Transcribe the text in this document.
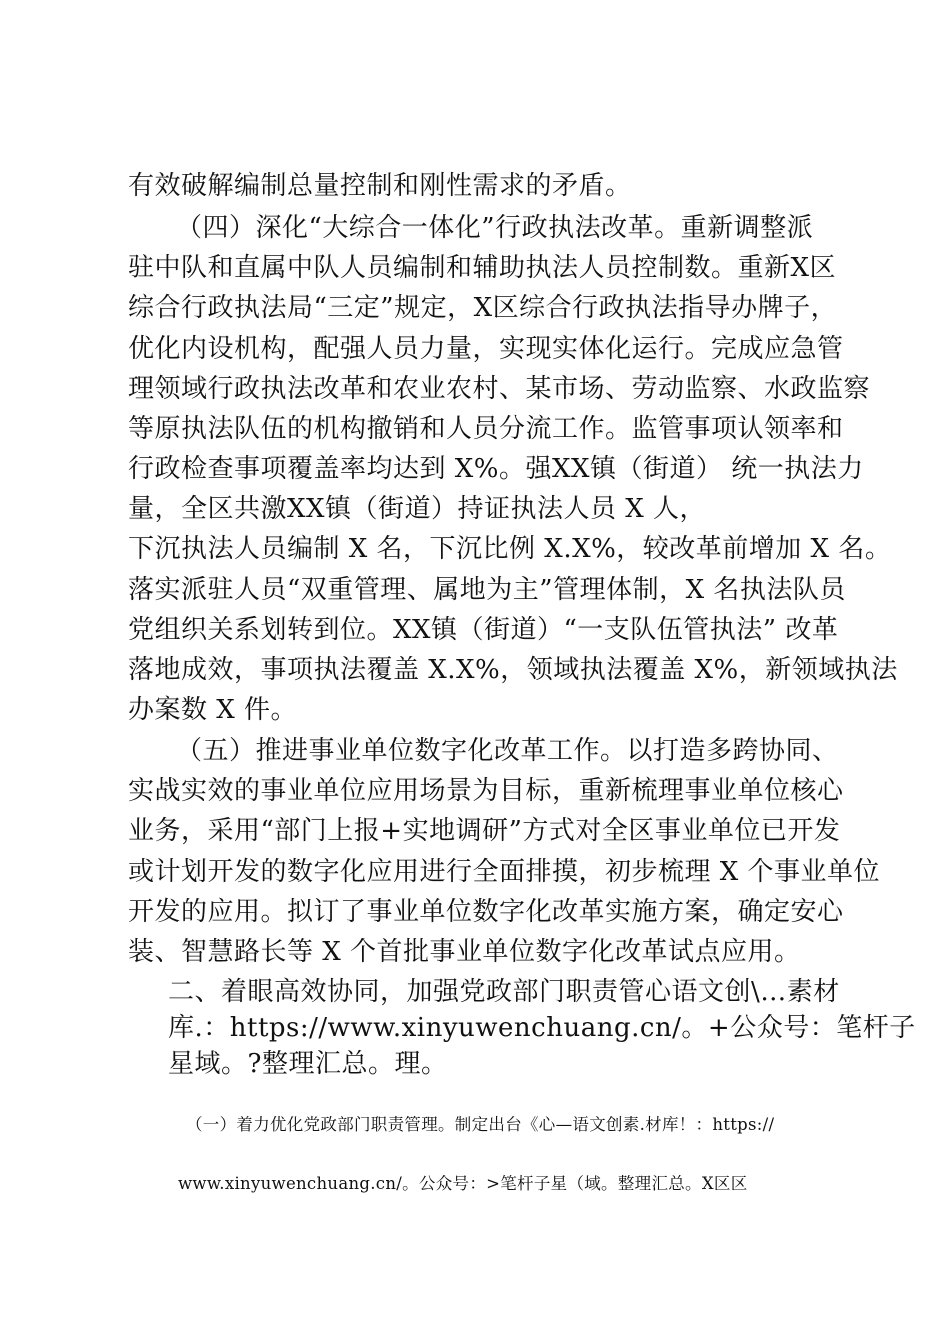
有效破解编制总量控制和刚性需求的矛盾。

（四）深化“大综合一体化”行政执法改革。重新调整派

驻中队和直属中队人员编制和辅助执法人员控制数。重新X区

综合行政执法局“三定”规定，X区综合行政执法指导办牌子，

优化内设机构，配强人员力量，实现实体化运行。完成应急管

理领域行政执法改革和农业农村、某市场、劳动监察、水政监察

等原执法队伍的机构撤销和人员分流工作。监管事项认领率和

行政检查事项覆盖率均达到 X%。强XX镇（街道） 统一执法力

量，全区共激XX镇（街道）持证执法人员 X 人，

下沉执法人员编制 X 名，下沉比例 X.X%，较改革前增加 X 名。

落实派驻人员“双重管理、属地为主”管理体制，X 名执法队员

党组织关系划转到位。XX镇（街道）“一支队伍管执法” 改革

落地成效，事项执法覆盖 X.X%，领域执法覆盖 X%，新领域执法

办案数 X 件。

（五）推进事业单位数字化改革工作。以打造多跨协同、

实战实效的事业单位应用场景为目标，重新梳理事业单位核心

业务，采用“部门上报+实地调研”方式对全区事业单位已开发

或计划开发的数字化应用进行全面排摸，初步梳理 X 个事业单位

开发的应用。拟订了事业单位数字化改革实施方案，确定安心

装、智慧路长等 X 个首批事业单位数字化改革试点应用。

二、着眼高效协同，加强党政部门职责管心语文创\…素材

库.：https://www.xinyuwenchuang.cn/。+公众号：笔杆子

星域。?整理汇总。理。

（一）着力优化党政部门职责管理。制定出台《心—语文创素.材库！：https://

www.xinyuwenchuang.cn/。公众号：>笔杆子星（域。整理汇总。X区区
